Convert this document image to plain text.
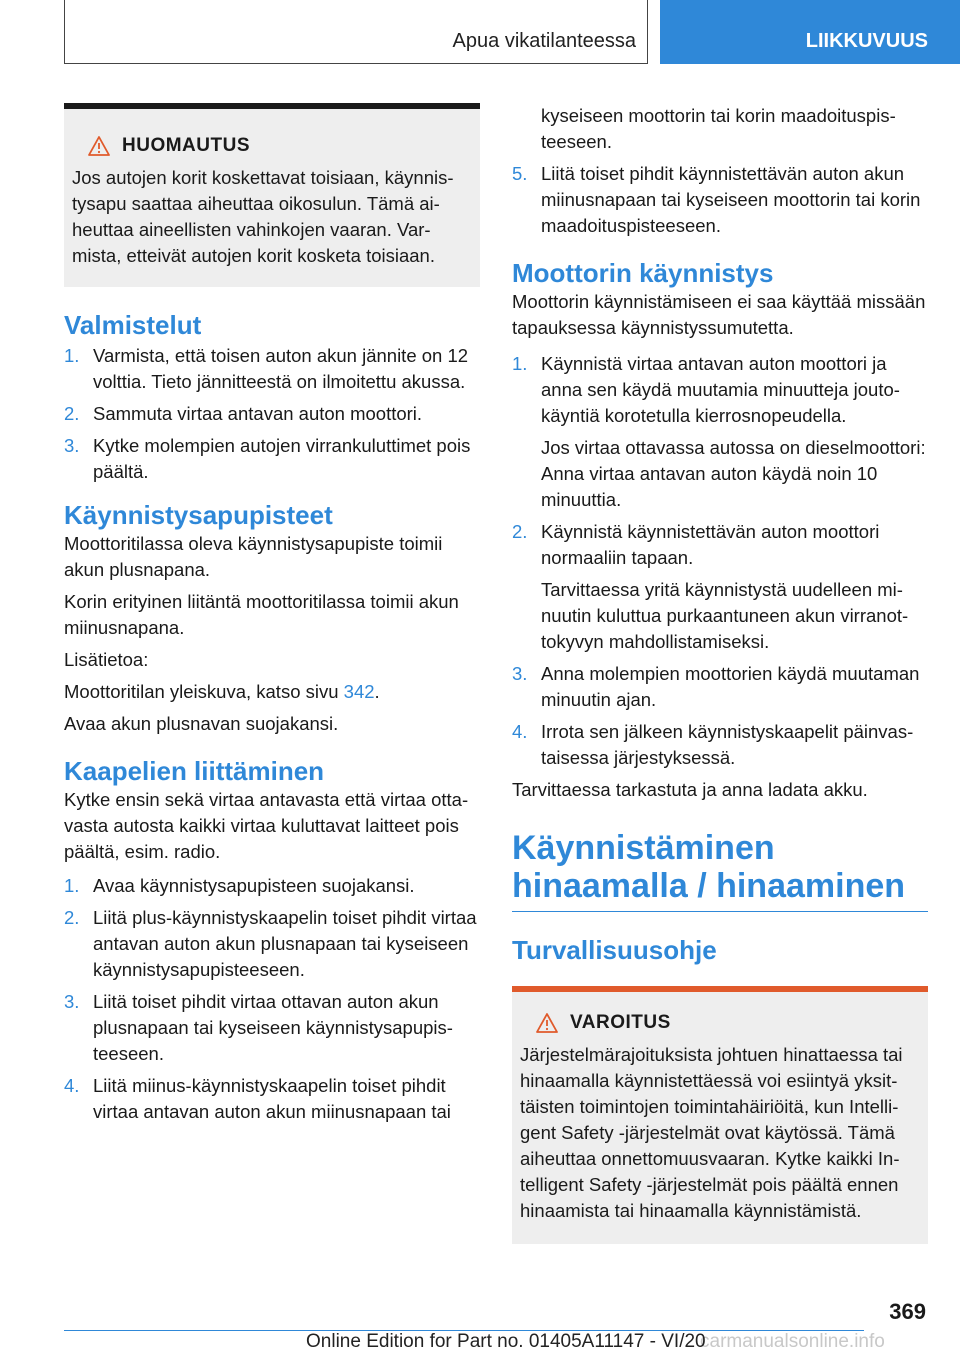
Apua vikatilanteessa	LIIKKUVUUS
HUOMAUTUS

Jos autojen korit koskettavat toisiaan, käynnistysapu saattaa aiheuttaa oikosulun. Tämä aiheuttaa aineellisten vahinkojen vaaran. Varmista, etteivät autojen korit kosketa toisiaan.

Valmistelut
1. Varmista, että toisen auton akun jännite on 12 volttia. Tieto jännitteestä on ilmoitettu akussa.
2. Sammuta virtaa antavan auton moottori.
3. Kytke molempien autojen virrankuluttimet pois päältä.
Käynnistysapupisteet

Moottoritilassa oleva käynnistysapupiste toimii akun plusnapana.

Korin erityinen liitäntä moottoritilassa toimii akun miinusnapana.

Lisätietoa:

Moottoritilan yleiskuva, katso sivu 342.

Avaa akun plusnavan suojakansi.

Kaapelien liittäminen

Kytke ensin sekä virtaa antavasta että virtaa ottavasta autosta kaikki virtaa kuluttavat laitteet pois päältä, esim. radio.

1. Avaa käynnistysapupisteen suojakansi.
2. Liitä plus-käynnistyskaapelin toiset pihdit virtaa antavan auton akun plusnapaan tai kyseiseen käynnistysapupisteeseen.
3. Liitä toiset pihdit virtaa ottavan auton akun plusnapaan tai kyseiseen käynnistysapupisteeseen.
4. Liitä miinus-käynnistyskaapelin toiset pihdit virtaa antavan auton akun miinusnapaan tai
kyseiseen moottorin tai korin maadoituspisteeseen.
5. Liitä toiset pihdit käynnistettävän auton akun miinusnapaan tai kyseiseen moottorin tai korin maadoituspisteeseen.
Moottorin käynnistys

Moottorin käynnistämiseen ei saa käyttää missään tapauksessa käynnistyssumutetta.

1. Käynnistä virtaa antavan auton moottori ja anna sen käydä muutamia minuutteja joutokäyntiä korotetulla kierrosnopeudella.
Jos virtaa ottavassa autossa on dieselmoottori: Anna virtaa antavan auton käydä noin 10 minuuttia.
2. Käynnistä käynnistettävän auton moottori normaaliin tapaan.
Tarvittaessa yritä käynnistystä uudelleen minuutin kuluttua purkaantuneen akun virranottokyvyn mahdollistamiseksi.
3. Anna molempien moottorien käydä muutaman minuutin ajan.
4. Irrota sen jälkeen käynnistyskaapelit päinvastaisessa järjestyksessä.

Tarvittaessa tarkastuta ja anna ladata akku.

Käynnistäminen
hinaamalla / hinaaminen
Turvallisuusohje
VAROITUS

Järjestelmärajoituksista johtuen hinattaessa tai hinaamalla käynnistettäessä voi esiintyä yksittäisten toimintojen toimintahäiriöitä, kun Intelligent Safety -järjestelmät ovat käytössä. Tämä aiheuttaa onnettomuusvaaran. Kytke kaikki Intelligent Safety -järjestelmät pois päältä ennen hinaamista tai hinaamalla käynnistämistä.

369
carmanualsonline.info
Online Edition for Part no. 01405A11147 - VI/20
